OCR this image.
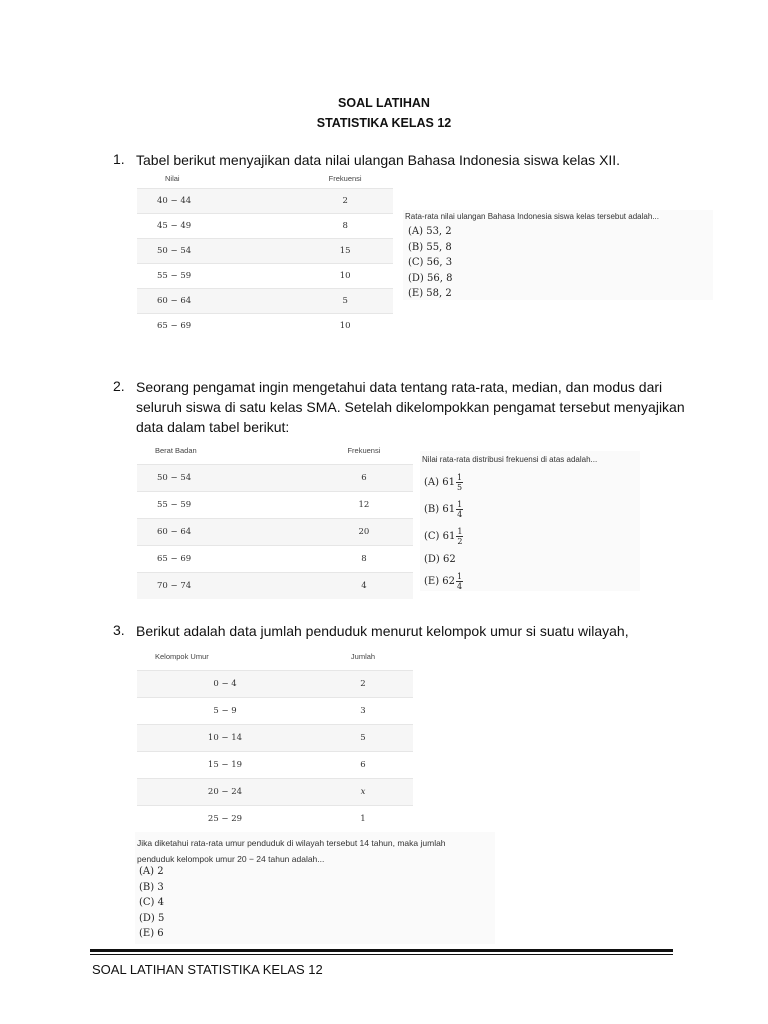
SOAL LATIHAN
STATISTIKA KELAS 12
1. Tabel berikut menyajikan data nilai ulangan Bahasa Indonesia siswa kelas XII.
Nilai	Frekuensi
40 − 44	2
45 − 49	8
50 − 54	15
55 − 59	10
60 − 64	5
65 − 69	10
Rata-rata nilai ulangan Bahasa Indonesia siswa kelas tersebut adalah...
(A) 53, 2
(B) 55, 8
(C) 56, 3
(D) 56, 8
(E) 58, 2
2. Seorang pengamat ingin mengetahui data tentang rata-rata, median, dan modus dari
seluruh siswa di satu kelas SMA. Setelah dikelompokkan pengamat tersebut menyajikan
data dalam tabel berikut:
Berat Badan	Frekuensi
50 − 54	6
55 − 59	12
60 − 64	20
65 − 69	8
70 − 74	4
Nilai rata-rata distribusi frekuensi di atas adalah...
(A) $61 \frac{1}{5}$
(B) $61 \frac{1}{4}$
(C) $61 \frac{1}{2}$
(D) 62
(E) $62 \frac{1}{4}$
3. Berikut adalah data jumlah penduduk menurut kelompok umur si suatu wilayah,
Kelompok Umur	Jumlah
0 − 4	2
5 − 9	3
10 − 14	5
15 − 19	6
20 − 24	x
25 − 29	1
Jika diketahui rata-rata umur penduduk di wilayah tersebut 14 tahun, maka jumlah
penduduk kelompok umur 20 − 24 tahun adalah...
(A) 2
(B) 3
(C) 4
(D) 5
(E) 6
SOAL LATIHAN STATISTIKA KELAS 12
